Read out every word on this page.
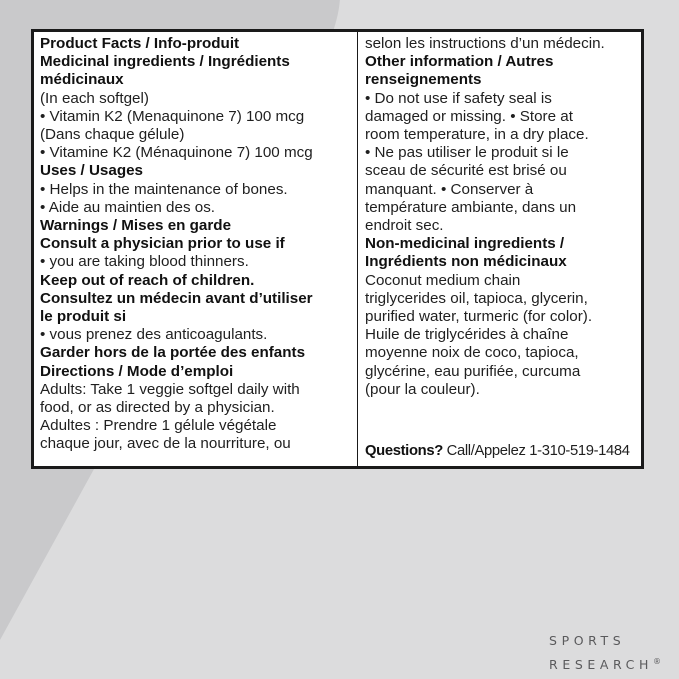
Product Facts / Info-produit
Medicinal ingredients / Ingrédients
médicinaux
(In each softgel)
• Vitamin K2 (Menaquinone 7) 100 mcg
(Dans chaque gélule)
• Vitamine K2 (Ménaquinone 7) 100 mcg
Uses / Usages
• Helps in the maintenance of bones.
• Aide au maintien des os.
Warnings / Mises en garde
Consult a physician prior to use if
• you are taking blood thinners.
Keep out of reach of children.
Consultez un médecin avant d’utiliser
le produit si
• vous prenez des anticoagulants.
Garder hors de la portée des enfants
Directions / Mode d’emploi
Adults: Take 1 veggie softgel daily with
food, or as directed by a physician.
Adultes : Prendre 1 gélule végétale
chaque jour, avec de la nourriture, ou
selon les instructions d’un médecin.
Other information / Autres
renseignements
• Do not use if safety seal is
damaged or missing. • Store at
room temperature, in a dry place.
• Ne pas utiliser le produit si le
sceau de sécurité est brisé ou
manquant. • Conserver à
température ambiante, dans un
endroit sec.
Non-medicinal ingredients /
Ingrédients non médicinaux
Coconut medium chain
triglycerides oil, tapioca, glycerin,
purified water, turmeric (for color).
Huile de triglycérides à chaîne
moyenne noix de coco, tapioca,
glycérine, eau purifiée, curcuma
(pour la couleur).
Questions? Call/Appelez 1-310-519-1484
SPORTS
RESEARCH®
